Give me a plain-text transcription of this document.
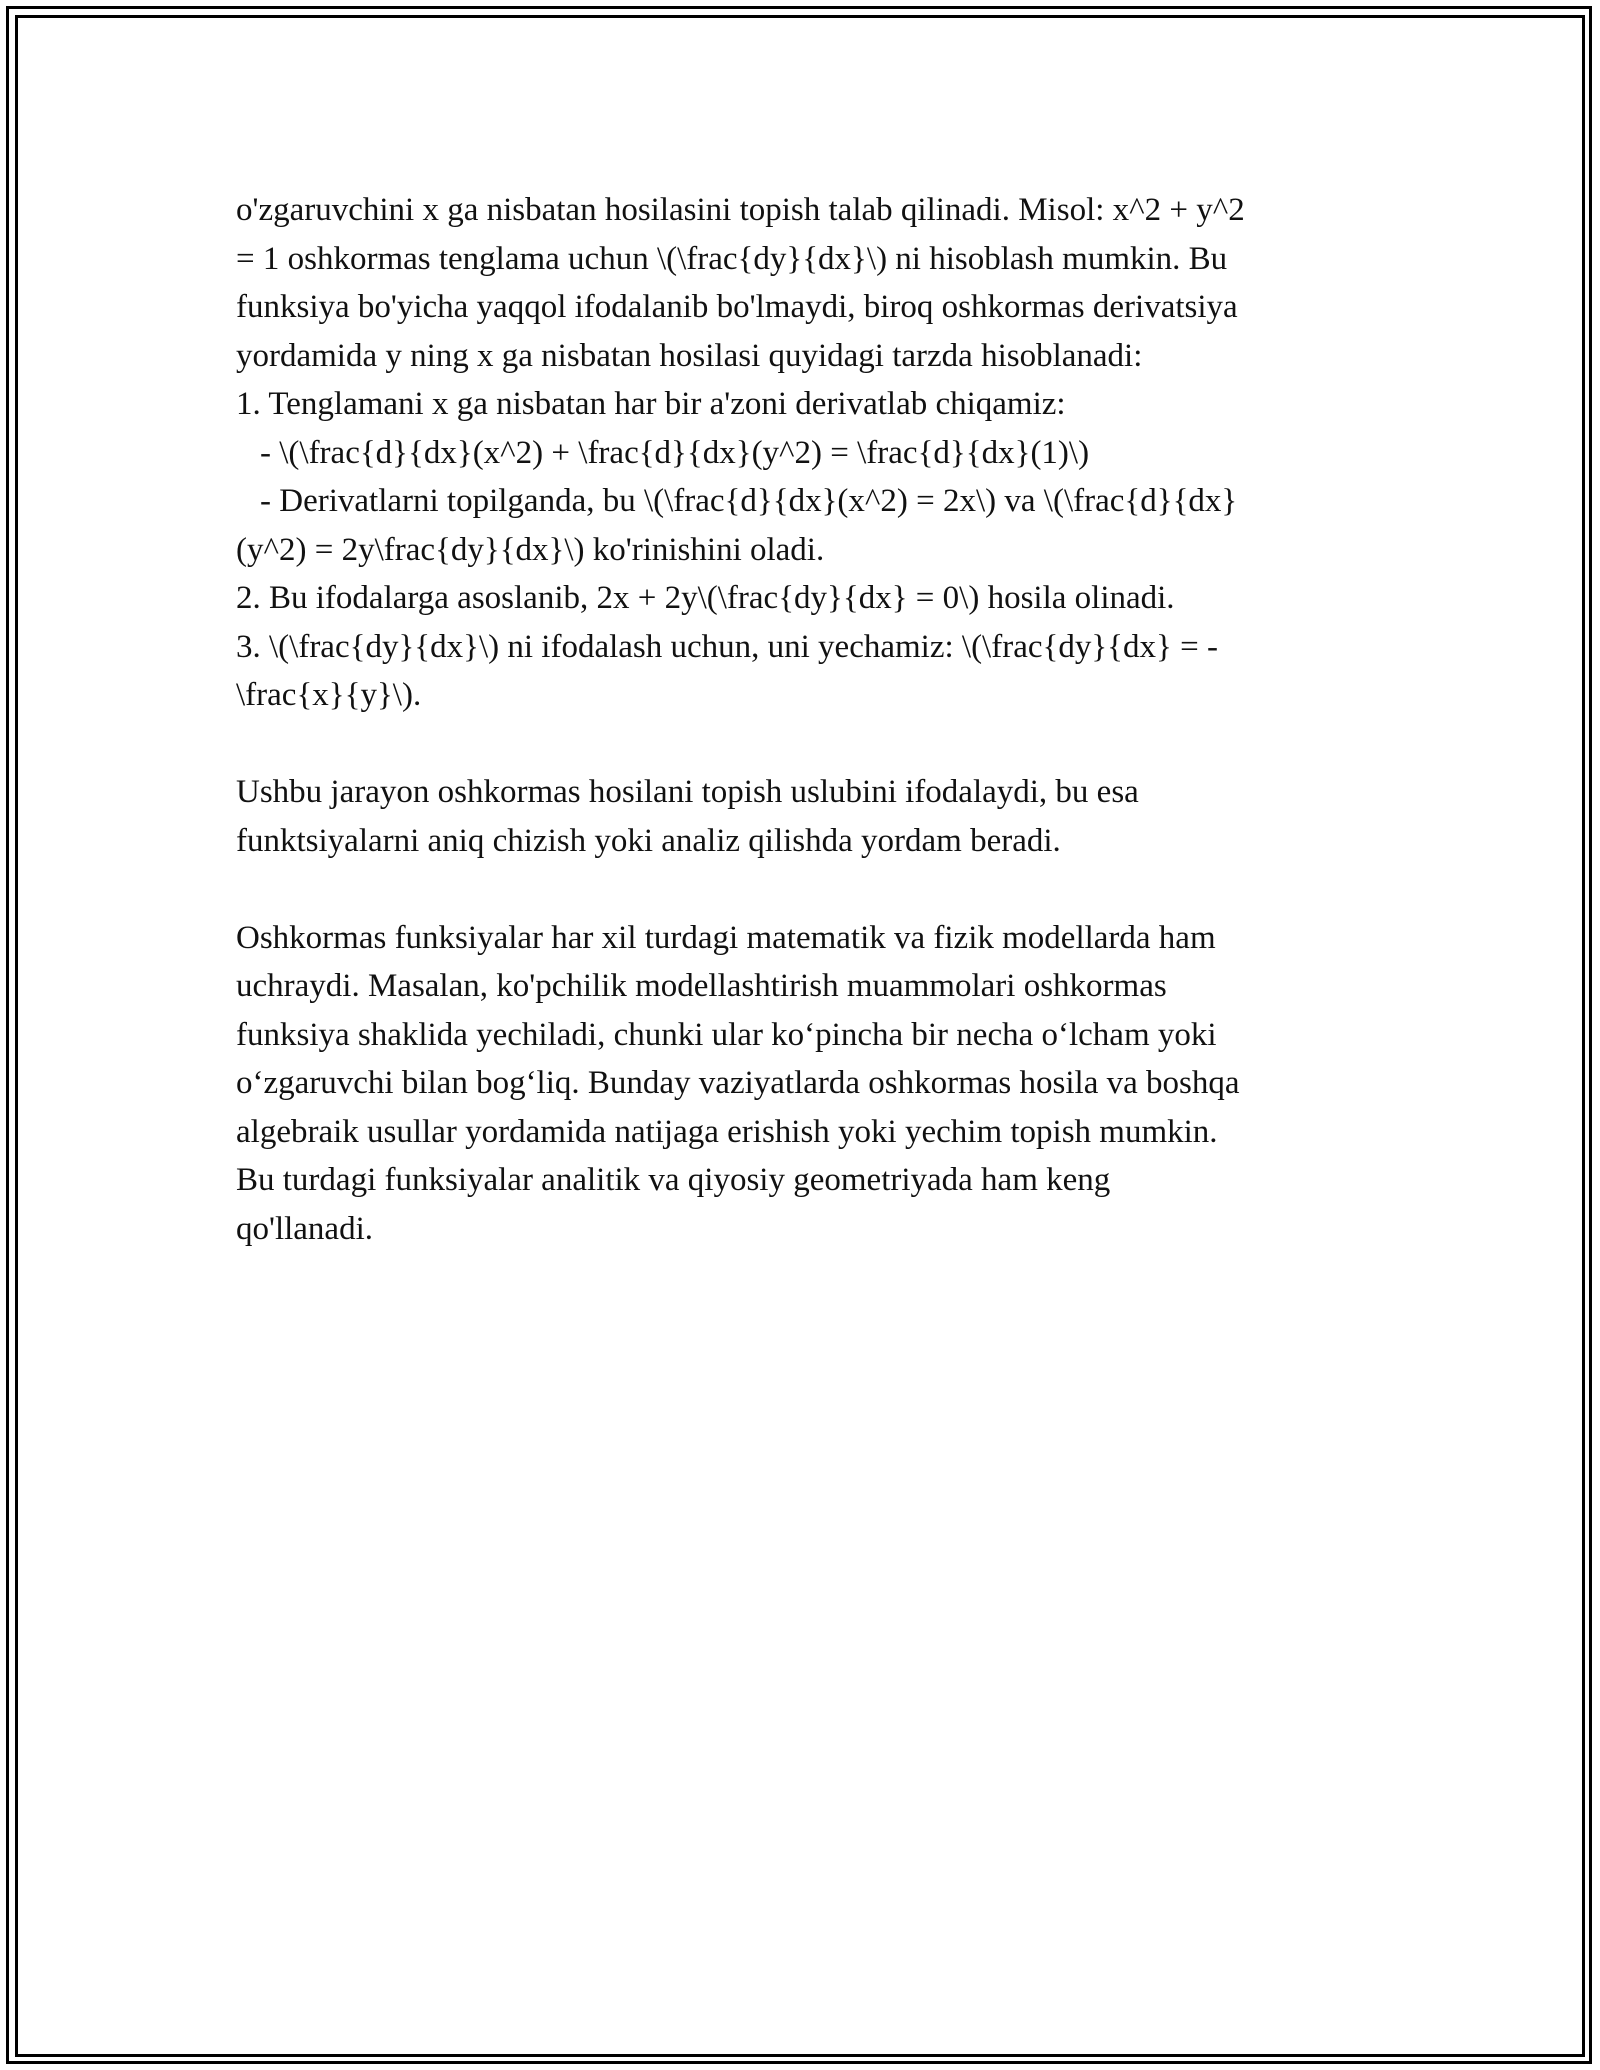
o'zgaruvchini x ga nisbatan hosilasini topish talab qilinadi. Misol: x^2 + y^2

= 1 oshkormas tenglama uchun \(\frac{dy}{dx}\) ni hisoblash mumkin. Bu

funksiya bo'yicha yaqqol ifodalanib bo'lmaydi, biroq oshkormas derivatsiya

yordamida y ning x ga nisbatan hosilasi quyidagi tarzda hisoblanadi:

1. Tenglamani x ga nisbatan har bir a'zoni derivatlab chiqamiz:

- \(\frac{d}{dx}(x^2) + \frac{d}{dx}(y^2) = \frac{d}{dx}(1)\)

- Derivatlarni topilganda, bu \(\frac{d}{dx}(x^2) = 2x\) va \(\frac{d}{dx}

(y^2) = 2y\frac{dy}{dx}\) ko'rinishini oladi.

2. Bu ifodalarga asoslanib, 2x + 2y\(\frac{dy}{dx} = 0\) hosila olinadi.

3. \(\frac{dy}{dx}\) ni ifodalash uchun, uni yechamiz: \(\frac{dy}{dx} = -

\frac{x}{y}\).

Ushbu jarayon oshkormas hosilani topish uslubini ifodalaydi, bu esa

funktsiyalarni aniq chizish yoki analiz qilishda yordam beradi.

Oshkormas funksiyalar har xil turdagi matematik va fizik modellarda ham

uchraydi. Masalan, ko'pchilik modellashtirish muammolari oshkormas

funksiya shaklida yechiladi, chunki ular ko‘pincha bir necha o‘lcham yoki

o‘zgaruvchi bilan bog‘liq. Bunday vaziyatlarda oshkormas hosila va boshqa

algebraik usullar yordamida natijaga erishish yoki yechim topish mumkin.

Bu turdagi funksiyalar analitik va qiyosiy geometriyada ham keng

qo'llanadi.
